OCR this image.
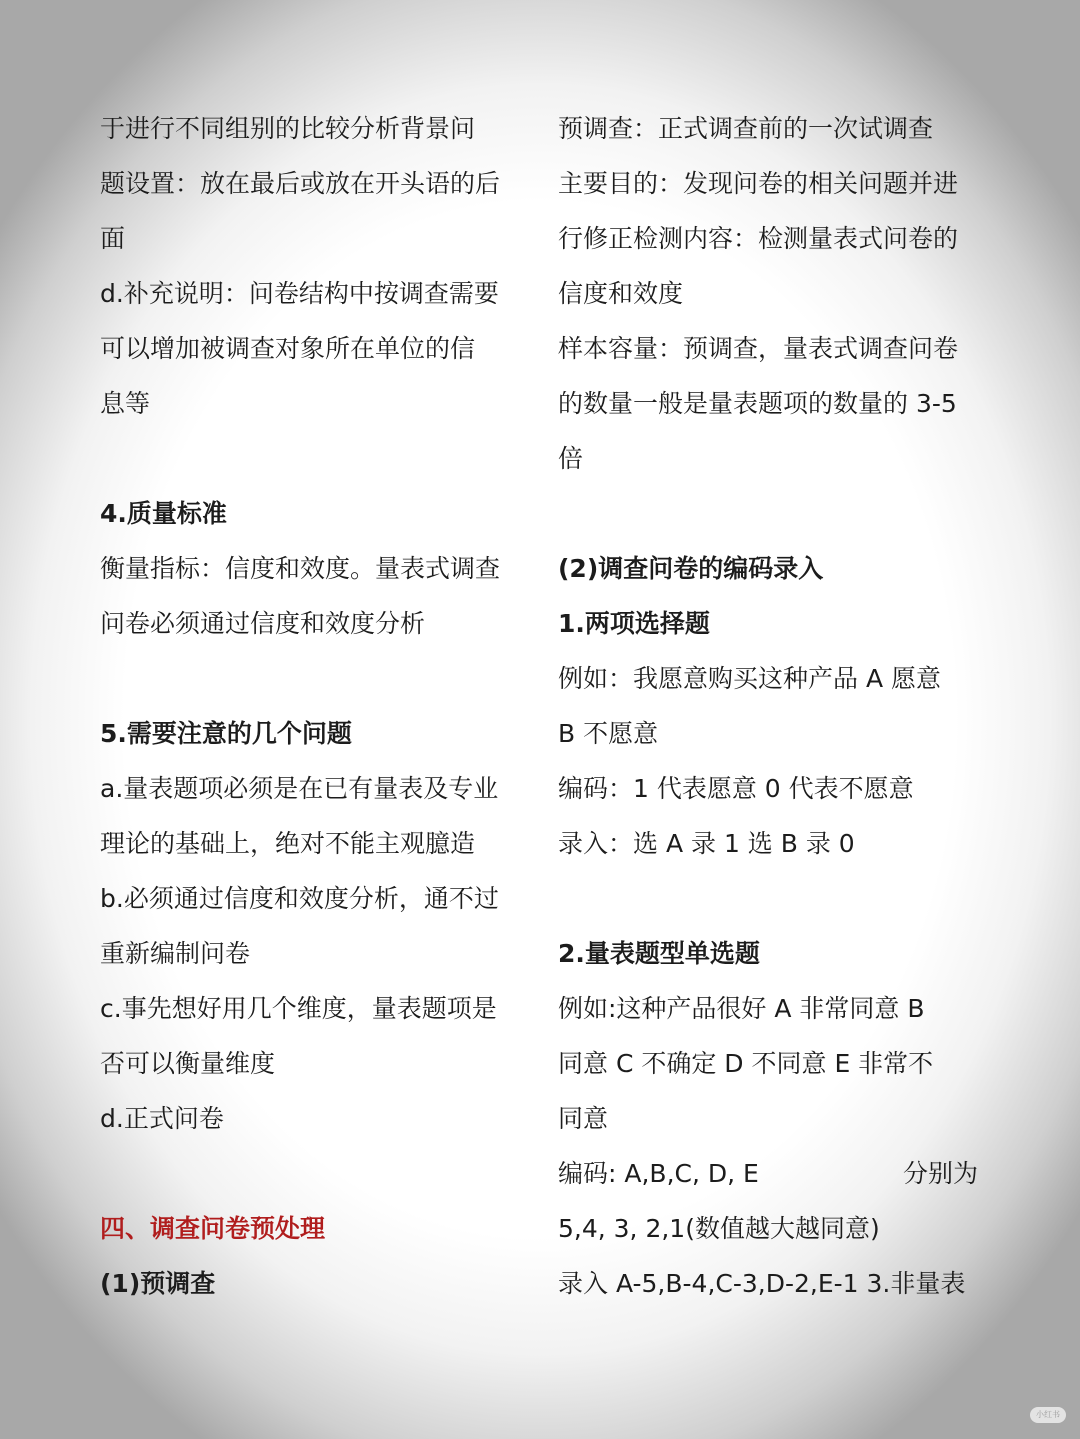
于进行不同组别的比较分析背景问
题设置：放在最后或放在开头语的后
面
d.补充说明：问卷结构中按调查需要
可以增加被调查对象所在单位的信
息等
4.质量标准
衡量指标：信度和效度。量表式调查
问卷必须通过信度和效度分析
5.需要注意的几个问题
a.量表题项必须是在已有量表及专业
理论的基础上，绝对不能主观臆造
b.必须通过信度和效度分析，通不过
重新编制问卷
c.事先想好用几个维度，量表题项是
否可以衡量维度
d.正式问卷
四、调查问卷预处理
(1)预调查
预调查：正式调查前的一次试调查
主要目的：发现问卷的相关问题并进
行修正检测内容：检测量表式问卷的
信度和效度
样本容量：预调查，量表式调查问卷
的数量一般是量表题项的数量的 3-5
倍
(2)调查问卷的编码录入
1.两项选择题
例如：我愿意购买这种产品 A 愿意
B 不愿意
编码：1 代表愿意 0 代表不愿意
录入：选 A 录 1 选 B 录 0
2.量表题型单选题
例如:这种产品很好 A 非常同意 B
同意 C 不确定 D 不同意 E 非常不
同意
编码: A,B,C, D, E	分别为
5,4, 3, 2,1(数值越大越同意)
录入 A-5,B-4,C-3,D-2,E-1 3.非量表
小红书
